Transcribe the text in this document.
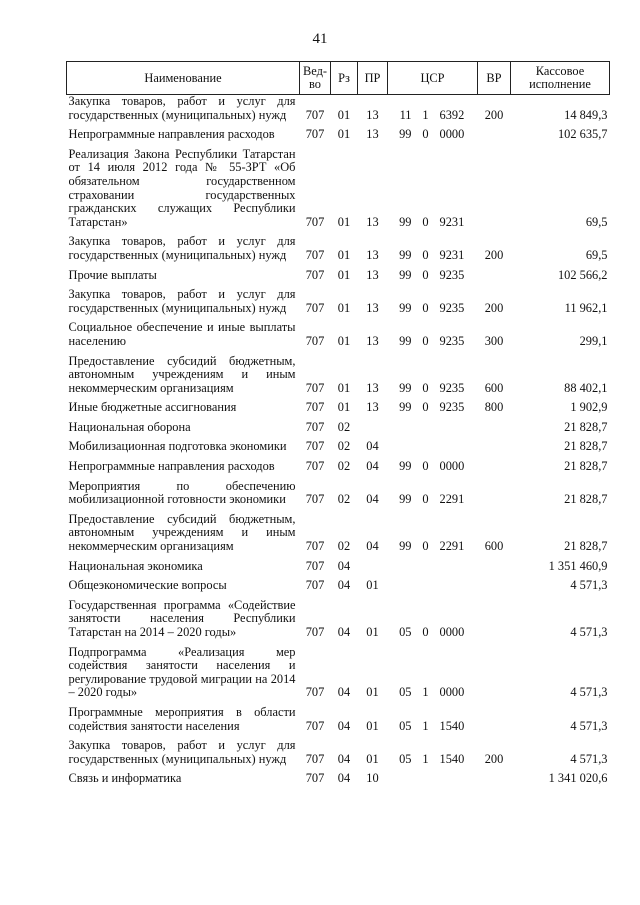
41
Наименование	Вед-
во	Рз	ПР	ЦСР			ВР	Кассовое
исполнение
Закупка товаров, работ и услуг для государственных (муниципальных) нужд	707	01	13	11	1	6392	200	14 849,3
Непрограммные направления расходов	707	01	13	99	0	0000		102 635,7
Реализация Закона Республики Татарстан от 14 июля 2012 года № 55-ЗРТ «Об обязательном государственном страховании государственных гражданских служащих Республики Татарстан»	707	01	13	99	0	9231		69,5
Закупка товаров, работ и услуг для государственных (муниципальных) нужд	707	01	13	99	0	9231	200	69,5
Прочие выплаты	707	01	13	99	0	9235		102 566,2
Закупка товаров, работ и услуг для государственных (муниципальных) нужд	707	01	13	99	0	9235	200	11 962,1
Социальное обеспечение и иные выплаты населению	707	01	13	99	0	9235	300	299,1
Предоставление субсидий бюджетным, автономным учреждениям и иным некоммерческим организациям	707	01	13	99	0	9235	600	88 402,1
Иные бюджетные ассигнования	707	01	13	99	0	9235	800	1 902,9
Национальная оборона	707	02						21 828,7
Мобилизационная подготовка экономики	707	02	04					21 828,7
Непрограммные направления расходов	707	02	04	99	0	0000		21 828,7
Мероприятия по обеспечению мобилизационной готовности экономики	707	02	04	99	0	2291		21 828,7
Предоставление субсидий бюджетным, автономным учреждениям и иным некоммерческим организациям	707	02	04	99	0	2291	600	21 828,7
Национальная экономика	707	04						1 351 460,9
Общеэкономические вопросы	707	04	01					4 571,3
Государственная программа «Содействие занятости населения Республики Татарстан на 2014 – 2020 годы»	707	04	01	05	0	0000		4 571,3
Подпрограмма «Реализация мер содействия занятости населения и регулирование трудовой миграции на 2014 – 2020 годы»	707	04	01	05	1	0000		4 571,3
Программные мероприятия в области содействия занятости населения	707	04	01	05	1	1540		4 571,3
Закупка товаров, работ и услуг для государственных (муниципальных) нужд	707	04	01	05	1	1540	200	4 571,3
Связь и информатика	707	04	10					1 341 020,6
